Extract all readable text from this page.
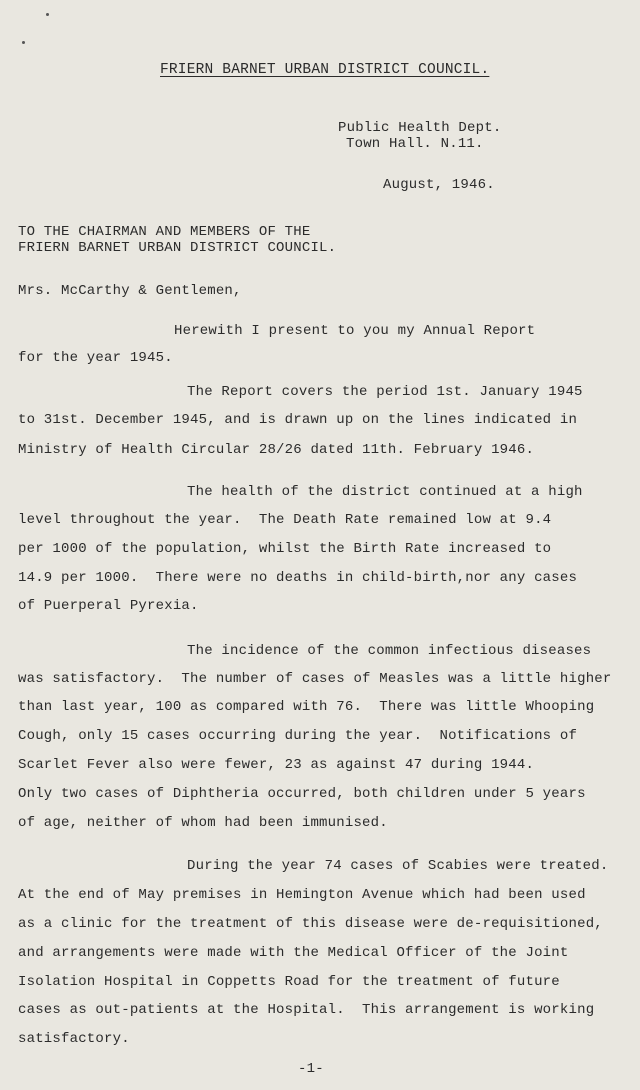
FRIERN BARNET URBAN DISTRICT COUNCIL.
Public Health Dept.
Town Hall. N.11.
August, 1946.
TO THE CHAIRMAN AND MEMBERS OF THE
FRIERN BARNET URBAN DISTRICT COUNCIL.
Mrs. McCarthy & Gentlemen,
Herewith I present to you my Annual Report
for the year 1945.
The Report covers the period 1st. January 1945
to 31st. December 1945, and is drawn up on the lines indicated in
Ministry of Health Circular 28/26 dated 11th. February 1946.
The health of the district continued at a high
level throughout the year.  The Death Rate remained low at 9.4
per 1000 of the population, whilst the Birth Rate increased to
14.9 per 1000.  There were no deaths in child-birth,nor any cases
of Puerperal Pyrexia.
The incidence of the common infectious diseases
was satisfactory.  The number of cases of Measles was a little higher
than last year, 100 as compared with 76.  There was little Whooping
Cough, only 15 cases occurring during the year.  Notifications of
Scarlet Fever also were fewer, 23 as against 47 during 1944.
Only two cases of Diphtheria occurred, both children under 5 years
of age, neither of whom had been immunised.
During the year 74 cases of Scabies were treated.
At the end of May premises in Hemington Avenue which had been used
as a clinic for the treatment of this disease were de-requisitioned,
and arrangements were made with the Medical Officer of the Joint
Isolation Hospital in Coppetts Road for the treatment of future
cases as out-patients at the Hospital.  This arrangement is working
satisfactory.
-1-
